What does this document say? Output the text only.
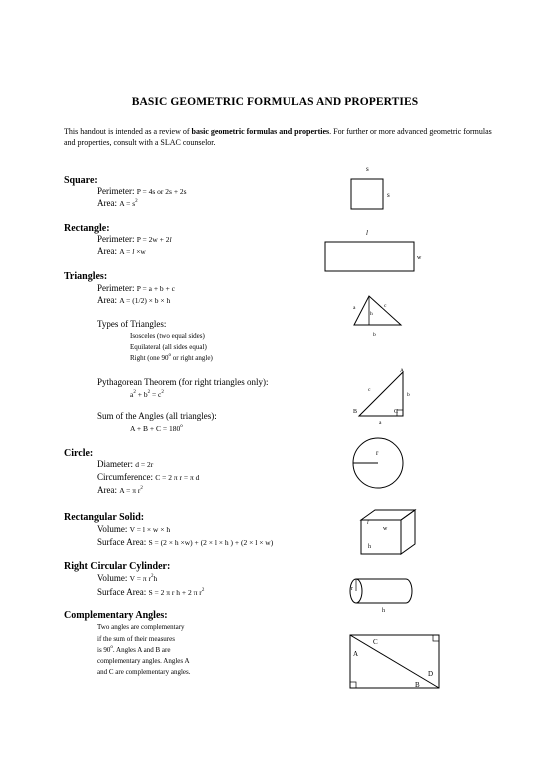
BASIC GEOMETRIC FORMULAS AND PROPERTIES
This handout is intended as a review of basic geometric formulas and properties. For further or more advanced geometric formulas and properties, consult with a SLAC counselor.
Square:
Perimeter: P = 4s or 2s + 2s
Area: $A = s^2$
s
s
Rectangle:
Perimeter: P = 2w + 2l
Area: A = l ×w
l
w
Triangles:
Perimeter: P = a + b + c
Area: A = (1/2) × b × h
Types of Triangles:
Isosceles (two equal sides)
Equilateral (all sides equal)
Right (one 90$^o$ or right angle)
a	c
h
b
Pythagorean Theorem (for right triangles only):
$a^2 + b^2 = c^2$
A
c
b
B	C
a
Sum of the Angles (all triangles):
$A + B + C = 180^o$
Circle:
Diameter: d = 2r
Circumference: C = 2 π r = π d
Area: A = π $r^2$
r
Rectangular Solid:
Volume: V = l × w × h
Surface Area: S = (2 × h ×w) + (2 × l × h ) + (2 × l × w)
l
w
h
Right Circular Cylinder:
Volume: V = π $r^2h$
Surface Area: S = 2 π r h + 2 π $r^2$	r
h
Complementary Angles:
Two angles are complementary
if the sum of their measures
is 90$^o$. Angles A and B are
complementary angles. Angles A
and C are complementary angles.
C
A
D
B
